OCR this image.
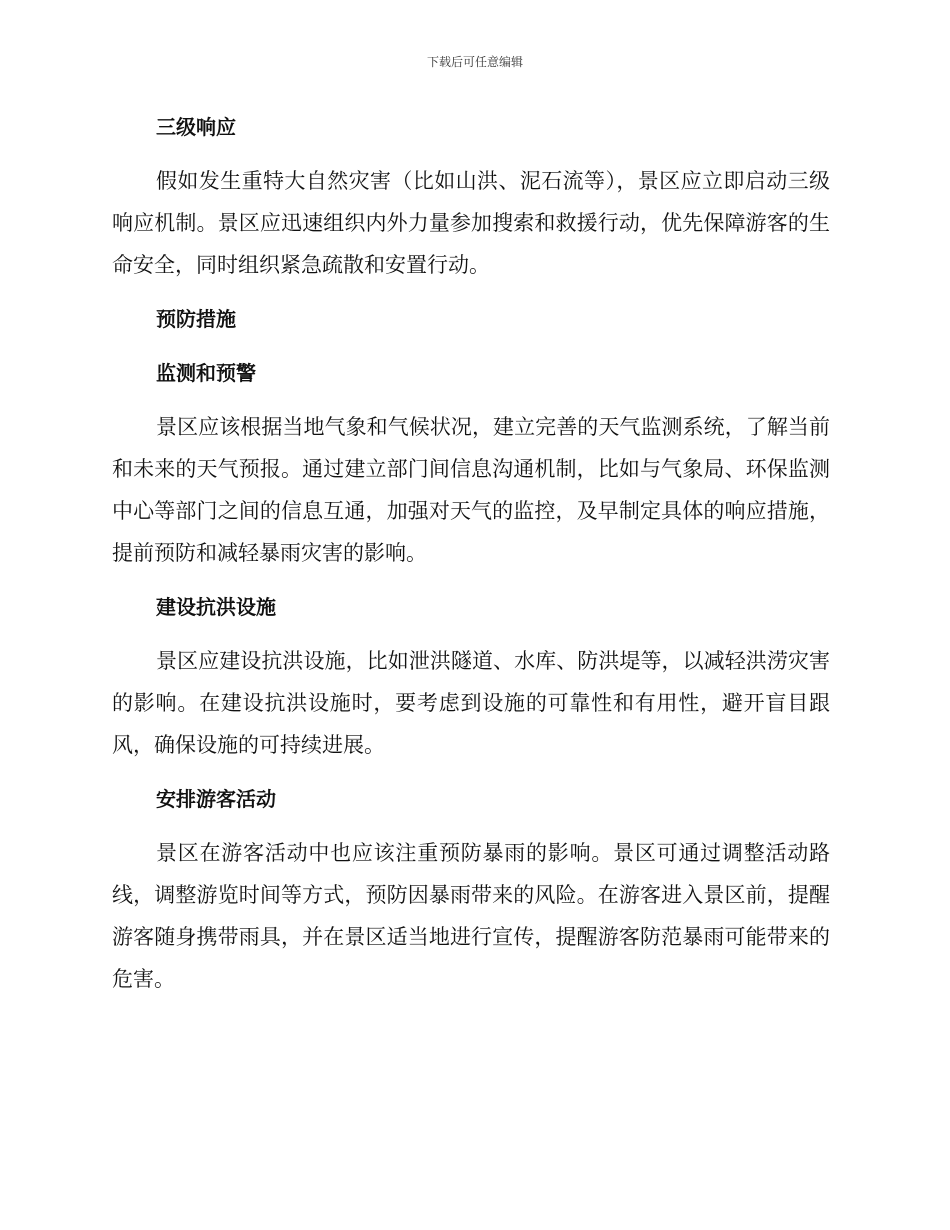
下载后可任意编辑
三级响应

假如发生重特大自然灾害（比如山洪、泥石流等），景区应立即启动三级响应机制。景区应迅速组织内外力量参加搜索和救援行动，优先保障游客的生命安全，同时组织紧急疏散和安置行动。

预防措施
监测和预警

景区应该根据当地气象和气候状况，建立完善的天气监测系统，了解当前和未来的天气预报。通过建立部门间信息沟通机制，比如与气象局、环保监测中心等部门之间的信息互通，加强对天气的监控，及早制定具体的响应措施，提前预防和减轻暴雨灾害的影响。

建设抗洪设施

景区应建设抗洪设施，比如泄洪隧道、水库、防洪堤等，以减轻洪涝灾害的影响。在建设抗洪设施时，要考虑到设施的可靠性和有用性，避开盲目跟风，确保设施的可持续进展。

安排游客活动

景区在游客活动中也应该注重预防暴雨的影响。景区可通过调整活动路线，调整游览时间等方式，预防因暴雨带来的风险。在游客进入景区前，提醒游客随身携带雨具，并在景区适当地进行宣传，提醒游客防范暴雨可能带来的危害。
